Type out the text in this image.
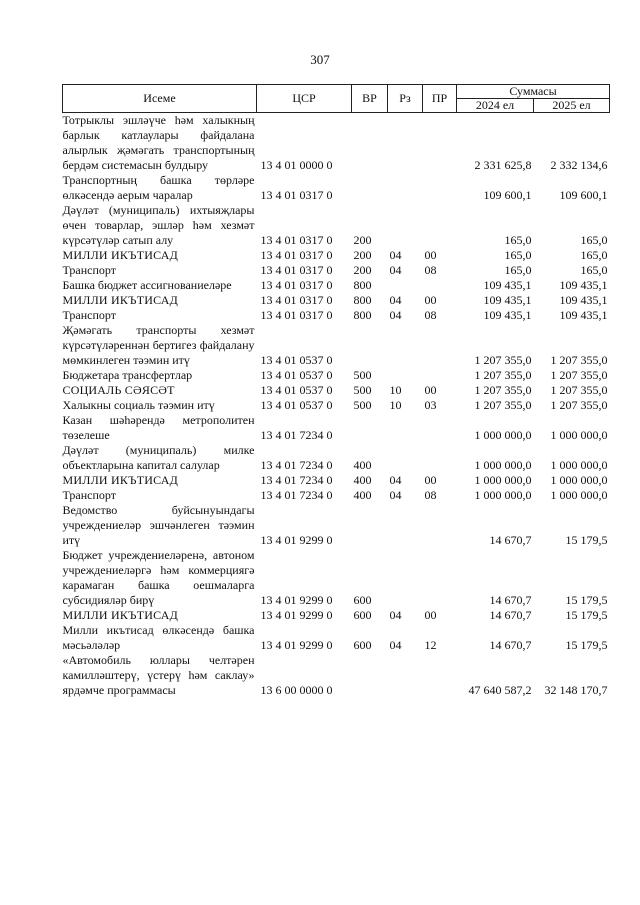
307
Исеме	ЦСР	ВР	Рз	ПР	Суммасы	
					2024 ел	2025 ел
Тотрыклы эшләүче һәм халыкның барлык катлаулары файдалана алырлык җәмәгать транспортының бердәм системасын булдыру	13 4 01 0000 0				2 331 625,8	2 332 134,6
Транспортның башка төрләре өлкәсендә аерым чаралар	13 4 01 0317 0				109 600,1	109 600,1
Дәүләт (муниципаль) ихтыяҗлары өчен товарлар, эшләр һәм хезмәт күрсәтүләр сатып алу	13 4 01 0317 0	200			165,0	165,0
МИЛЛИ ИКЪТИСАД	13 4 01 0317 0	200	04	00	165,0	165,0
Транспорт	13 4 01 0317 0	200	04	08	165,0	165,0
Башка бюджет ассигнованиеләре	13 4 01 0317 0	800			109 435,1	109 435,1
МИЛЛИ ИКЪТИСАД	13 4 01 0317 0	800	04	00	109 435,1	109 435,1
Транспорт	13 4 01 0317 0	800	04	08	109 435,1	109 435,1
Җәмәгать транспорты хезмәт күрсәтүләреннән бертигез файдалану мөмкинлеген тәэмин итү	13 4 01 0537 0				1 207 355,0	1 207 355,0
Бюджетара трансфертлар	13 4 01 0537 0	500			1 207 355,0	1 207 355,0
СОЦИАЛЬ СӘЯСӘТ	13 4 01 0537 0	500	10	00	1 207 355,0	1 207 355,0
Халыкны социаль тәэмин итү	13 4 01 0537 0	500	10	03	1 207 355,0	1 207 355,0
Казан шәһәрендә метрополитен төзелеше	13 4 01 7234 0				1 000 000,0	1 000 000,0
Дәүләт (муниципаль) милке объектларына капитал салулар	13 4 01 7234 0	400			1 000 000,0	1 000 000,0
МИЛЛИ ИКЪТИСАД	13 4 01 7234 0	400	04	00	1 000 000,0	1 000 000,0
Транспорт	13 4 01 7234 0	400	04	08	1 000 000,0	1 000 000,0
Ведомство буйсынуындагы учреждениеләр эшчәнлеген тәэмин итү	13 4 01 9299 0				14 670,7	15 179,5
Бюджет учреждениеләренә, автоном учреждениеләргә һәм коммерциягә карамаган башка оешмаларга субсидияләр бирү	13 4 01 9299 0	600			14 670,7	15 179,5
МИЛЛИ ИКЪТИСАД	13 4 01 9299 0	600	04	00	14 670,7	15 179,5
Милли икътисад өлкәсендә башка мәсьәләләр	13 4 01 9299 0	600	04	12	14 670,7	15 179,5
«Автомобиль юллары челтәрен камилләштерү, үстерү һәм саклау» ярдәмче программасы	13 6 00 0000 0				47 640 587,2	32 148 170,7
